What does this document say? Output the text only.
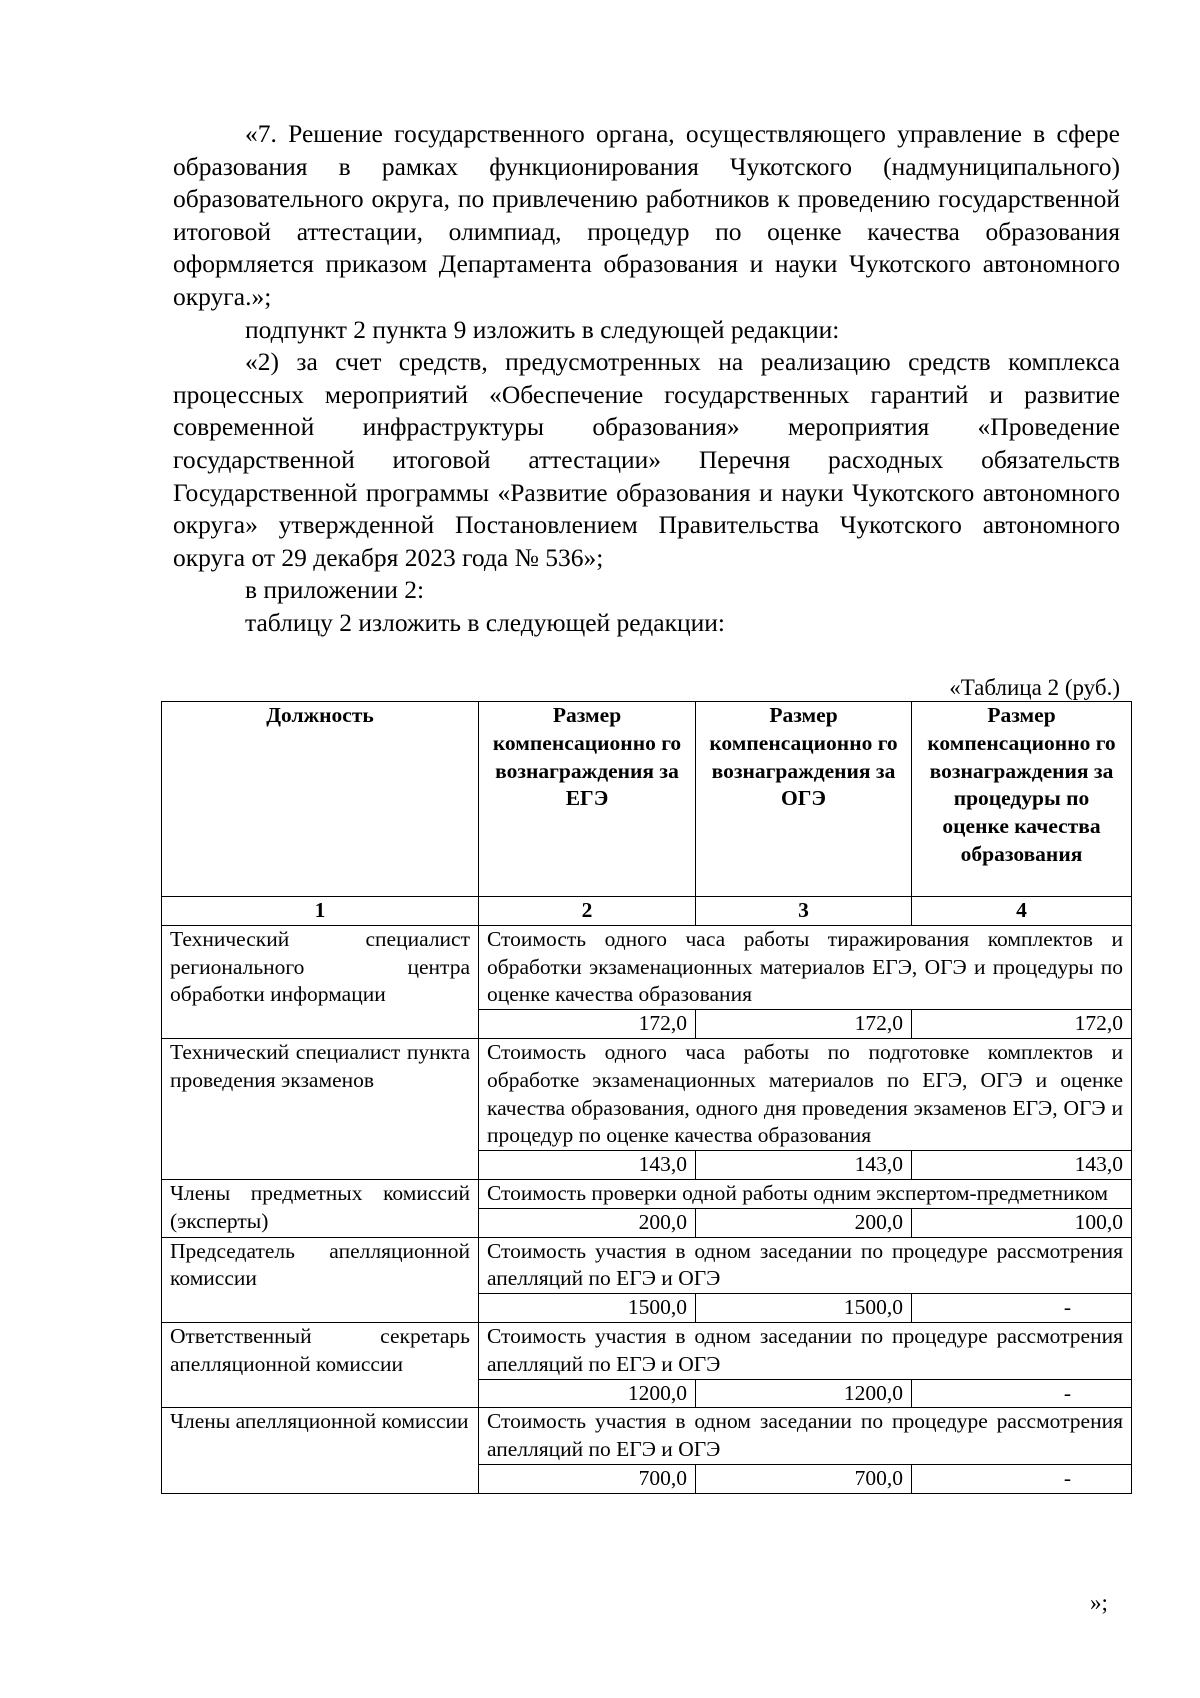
«7. Решение государственного органа, осуществляющего управление в сфере образования в рамках функционирования Чукотского (надмуниципального) образовательного округа, по привлечению работников к проведению государственной итоговой аттестации, олимпиад, процедур по оценке качества образования оформляется приказом Департамента образования и науки Чукотского автономного округа.»;

подпункт 2 пункта 9 изложить в следующей редакции:

«2) за счет средств, предусмотренных на реализацию средств комплекса процессных мероприятий «Обеспечение государственных гарантий и развитие современной инфраструктуры образования» мероприятия «Проведение государственной итоговой аттестации» Перечня расходных обязательств Государственной программы «Развитие образования и науки Чукотского автономного округа» утвержденной Постановлением Правительства Чукотского автономного округа от 29 декабря 2023 года № 536»;

в приложении 2:

таблицу 2 изложить в следующей редакции:

«Таблица 2 (руб.)
Должность	Размер компенсационно го вознаграждения за ЕГЭ	Размер компенсационно го вознаграждения за ОГЭ	Размер компенсационно го вознаграждения за процедуры по оценке качества образования
1	2	3	4
Технический специалист регионального центра обработки информации	Стоимость одного часа работы тиражирования комплектов и обработки экзаменационных материалов ЕГЭ, ОГЭ и процедуры по оценке качества образования		
	172,0	172,0	172,0
Технический специалист пункта проведения экзаменов	Стоимость одного часа работы по подготовке комплектов и обработке экзаменационных материалов по ЕГЭ, ОГЭ и оценке качества образования, одного дня проведения экзаменов ЕГЭ, ОГЭ и процедур по оценке качества образования		
	143,0	143,0	143,0
Члены предметных комиссий (эксперты)	Стоимость проверки одной работы одним экспертом-предметником		
	200,0	200,0	100,0
Председатель апелляционной комиссии	Стоимость участия в одном заседании по процедуре рассмотрения апелляций по ЕГЭ и ОГЭ		
	1500,0	1500,0	-
Ответственный секретарь апелляционной комиссии	Стоимость участия в одном заседании по процедуре рассмотрения апелляций по ЕГЭ и ОГЭ		
	1200,0	1200,0	-
Члены апелляционной комиссии	Стоимость участия в одном заседании по процедуре рассмотрения апелляций по ЕГЭ и ОГЭ		
	700,0	700,0	-
»;
